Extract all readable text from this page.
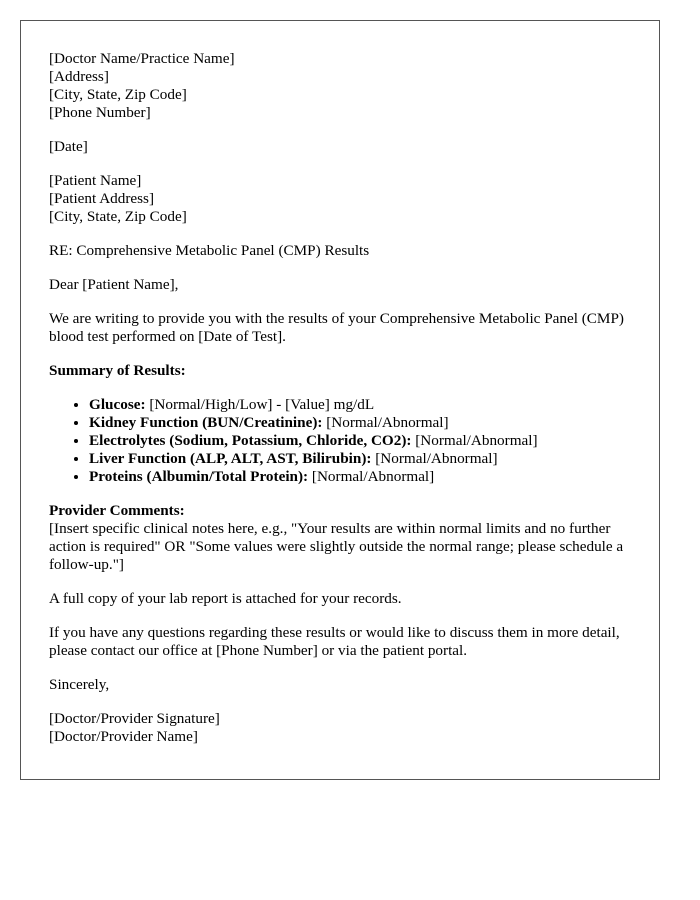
[Doctor Name/Practice Name]
[Address]
[City, State, Zip Code]
[Phone Number]
[Date]
[Patient Name]
[Patient Address]
[City, State, Zip Code]

RE: Comprehensive Metabolic Panel (CMP) Results

Dear [Patient Name],

We are writing to provide you with the results of your Comprehensive Metabolic Panel (CMP) blood test performed on [Date of Test].

Summary of Results:

• Glucose: [Normal/High/Low] - [Value] mg/dL
• Kidney Function (BUN/Creatinine): [Normal/Abnormal]
• Electrolytes (Sodium, Potassium, Chloride, CO2): [Normal/Abnormal]
• Liver Function (ALP, ALT, AST, Bilirubin): [Normal/Abnormal]
• Proteins (Albumin/Total Protein): [Normal/Abnormal]
Provider Comments:
[Insert specific clinical notes here, e.g., "Your results are within normal limits and no further action is required" OR "Some values were slightly outside the normal range; please schedule a follow-up."]

A full copy of your lab report is attached for your records.

If you have any questions regarding these results or would like to discuss them in more detail, please contact our office at [Phone Number] or via the patient portal.

Sincerely,

[Doctor/Provider Signature]
[Doctor/Provider Name]
